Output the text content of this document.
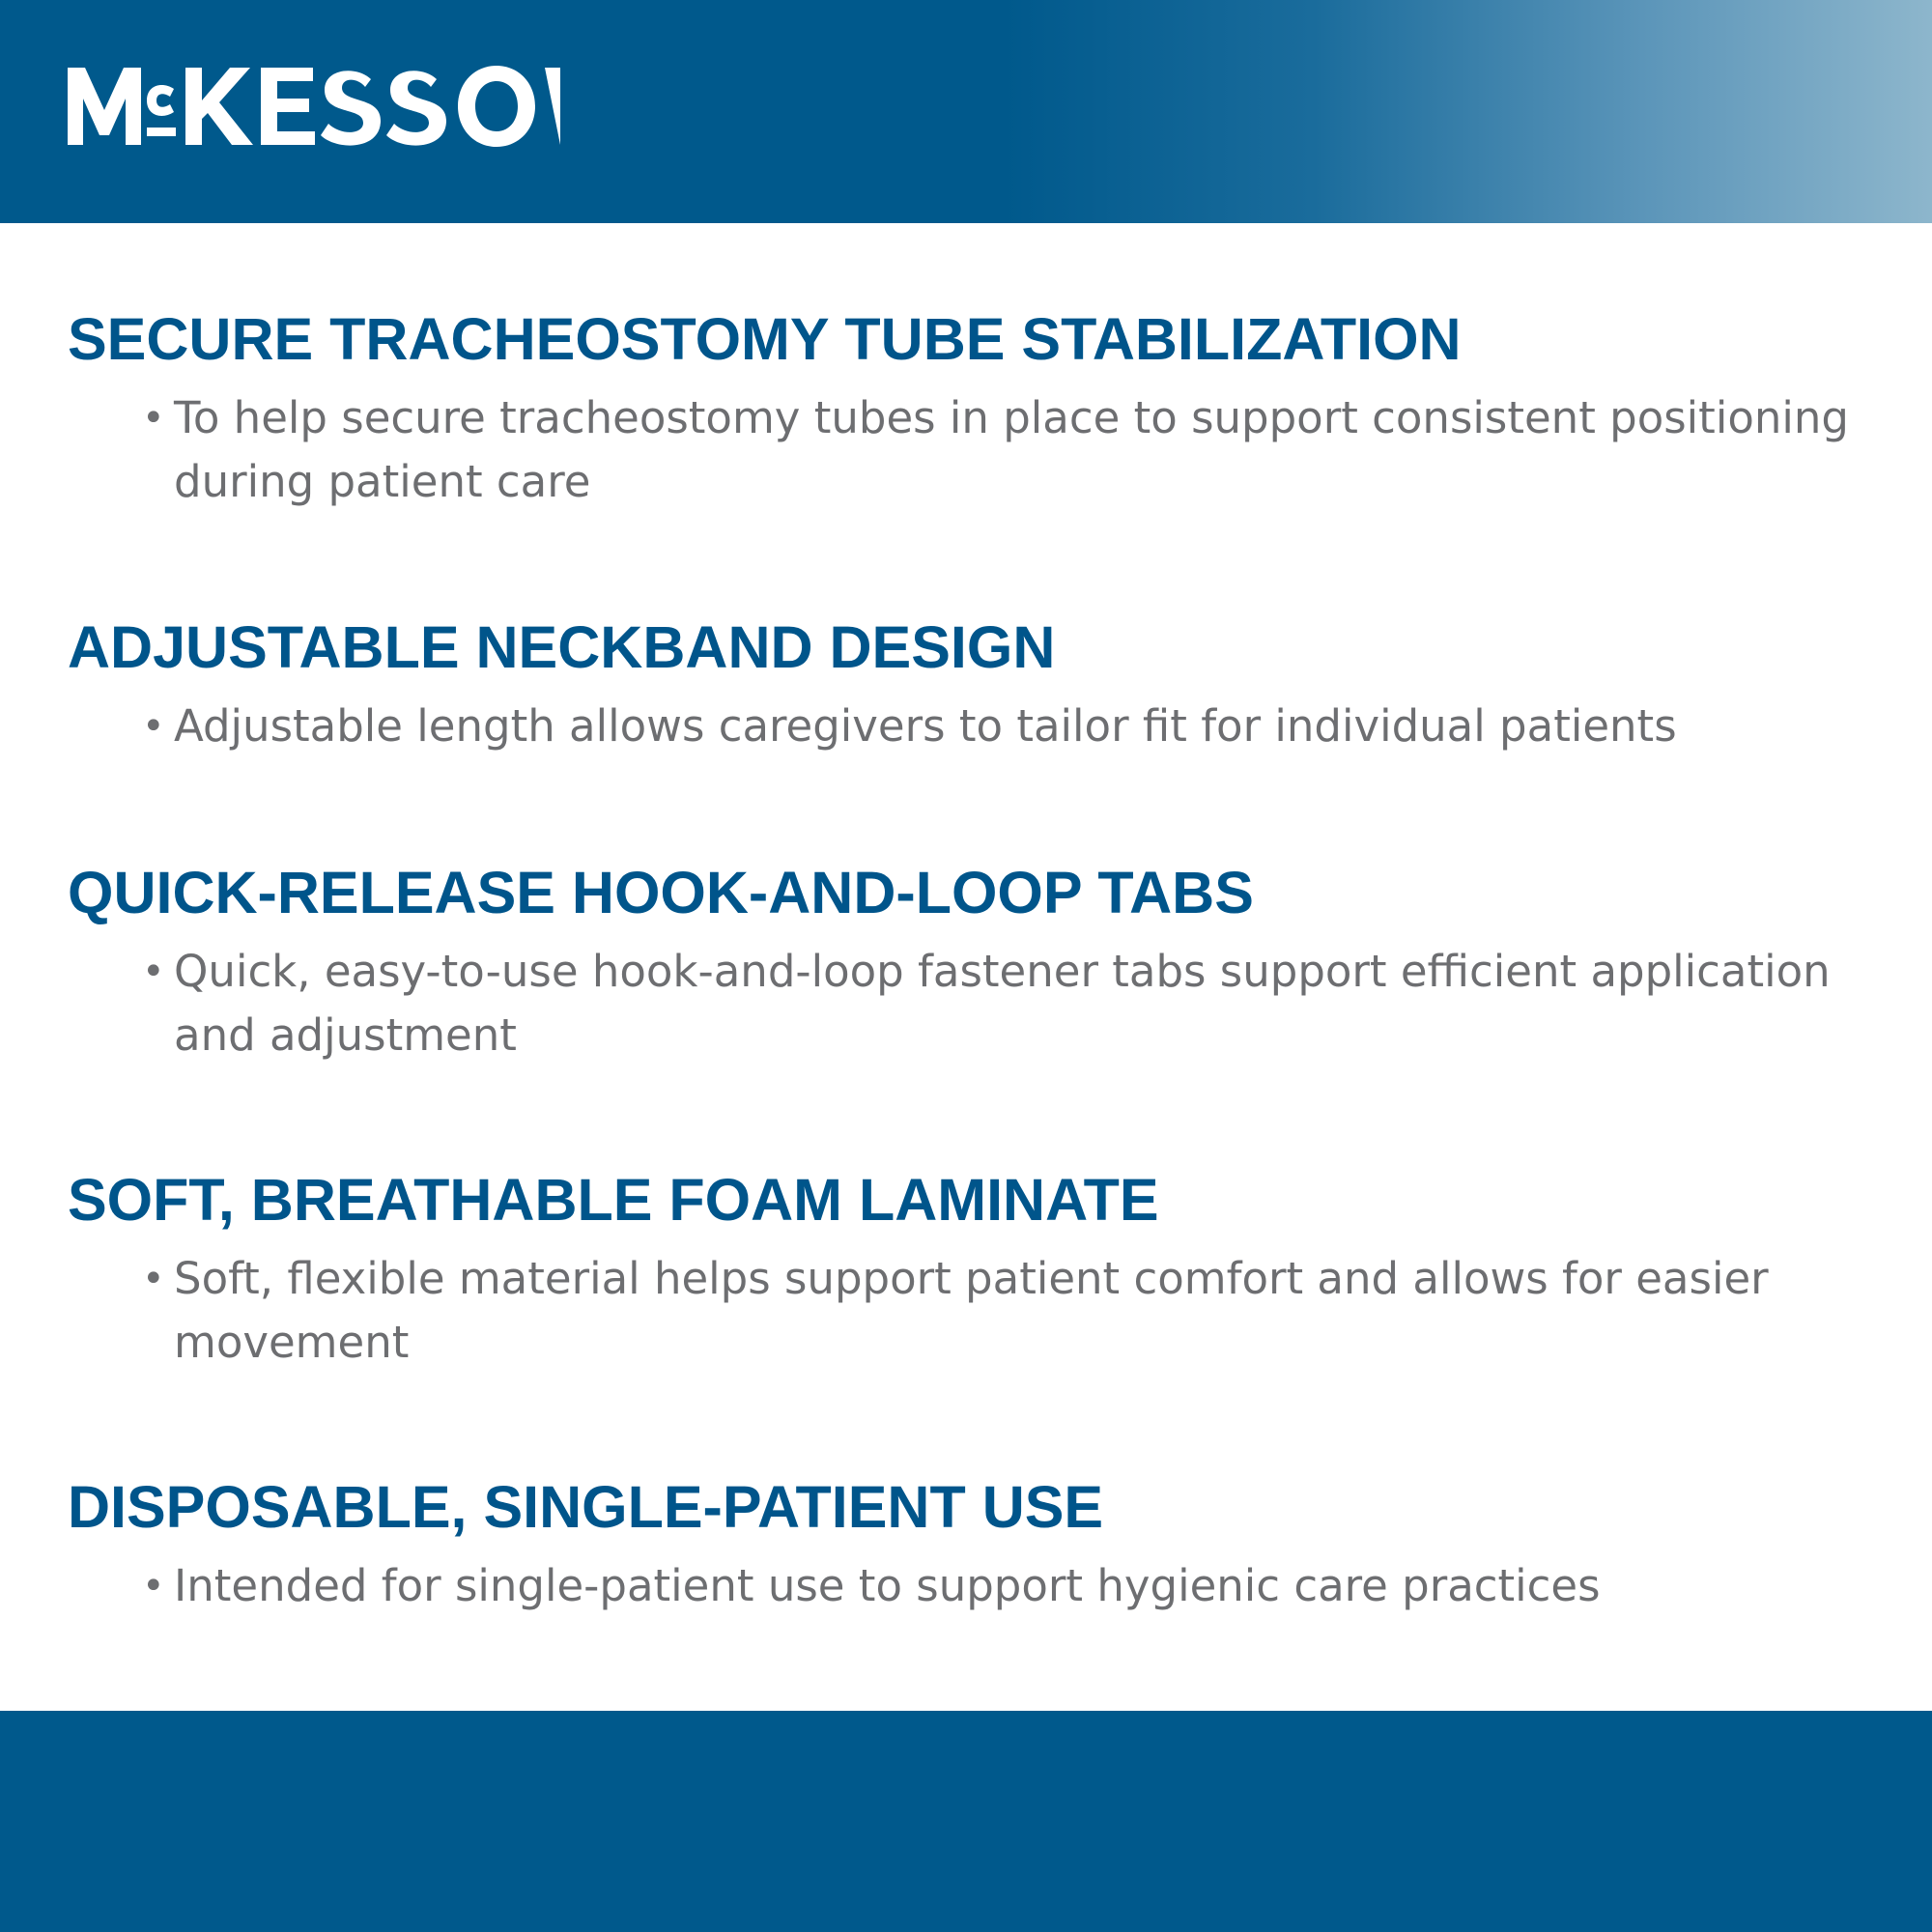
SECURE TRACHEOSTOMY TUBE STABILIZATION
• To help secure tracheostomy tubes in place to support consistent positioning during patient care
ADJUSTABLE NECKBAND DESIGN
• Adjustable length allows caregivers to tailor fit for individual patients
QUICK-RELEASE HOOK-AND-LOOP TABS
• Quick, easy-to-use hook-and-loop fastener tabs support efficient application and adjustment
SOFT, BREATHABLE FOAM LAMINATE
• Soft, flexible material helps support patient comfort and allows for easier movement
DISPOSABLE, SINGLE-PATIENT USE
• Intended for single-patient use to support hygienic care practices
